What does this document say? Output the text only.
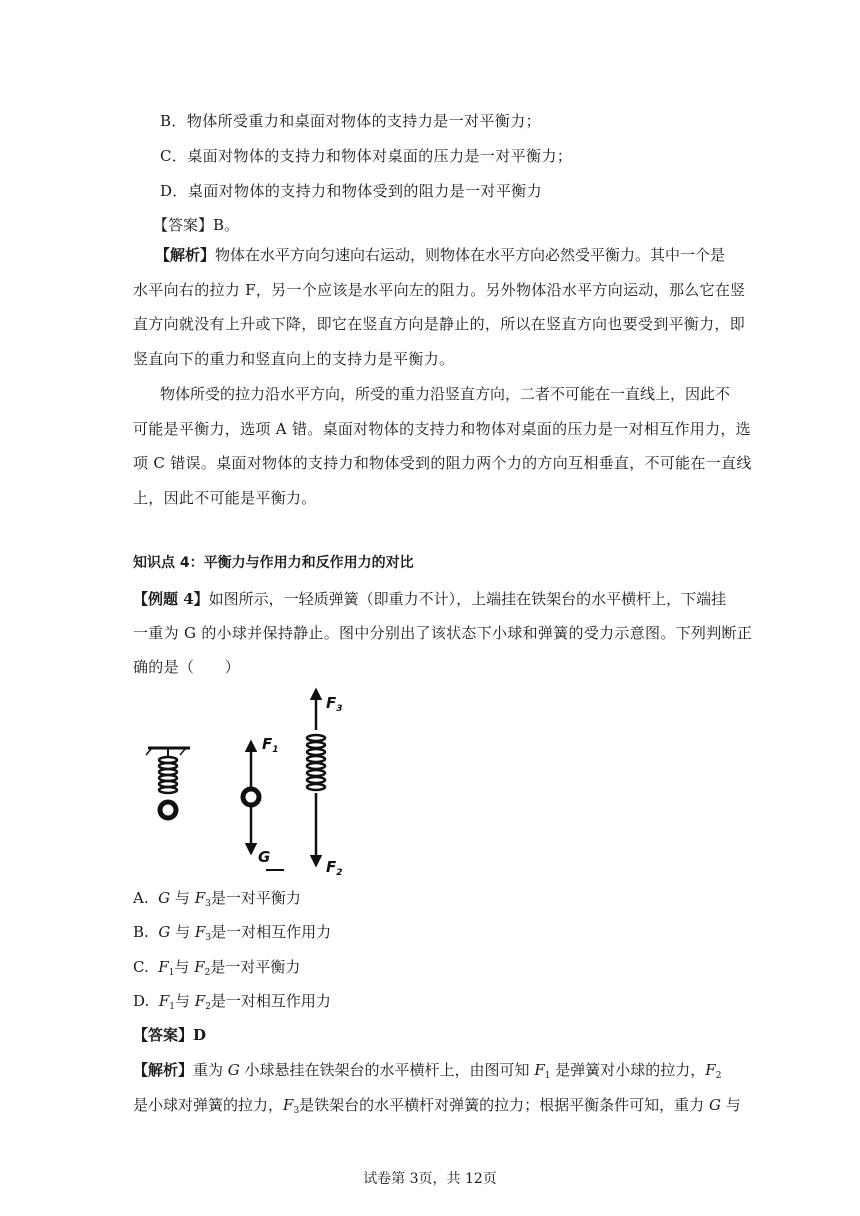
B．物体所受重力和桌面对物体的支持力是一对平衡力；
C．桌面对物体的支持力和物体对桌面的压力是一对平衡力；
D．桌面对物体的支持力和物体受到的阻力是一对平衡力
【答案】B。
【解析】物体在水平方向匀速向右运动，则物体在水平方向必然受平衡力。其中一个是
水平向右的拉力 F，另一个应该是水平向左的阻力。另外物体沿水平方向运动，那么它在竖
直方向就没有上升或下降，即它在竖直方向是静止的，所以在竖直方向也要受到平衡力，即
竖直向下的重力和竖直向上的支持力是平衡力。
物体所受的拉力沿水平方向，所受的重力沿竖直方向，二者不可能在一直线上，因此不
可能是平衡力，选项 A 错。桌面对物体的支持力和物体对桌面的压力是一对相互作用力，选
项 C 错误。桌面对物体的支持力和物体受到的阻力两个力的方向互相垂直，不可能在一直线
上，因此不可能是平衡力。
知识点 4：平衡力与作用力和反作用力的对比
【例题 4】如图所示，一轻质弹簧（即重力不计），上端挂在铁架台的水平横杆上，下端挂
一重为 G 的小球并保持静止。图中分别出了该状态下小球和弹簧的受力示意图。下列判断正
确的是（　　）
$F_1$
G
$F_3$
$F_2$
A. G 与 $F_3$是一对平衡力
B. G 与 $F_3$是一对相互作用力
C. $F_1$与 $F_2$是一对平衡力
D. $F_1$与 $F_2$是一对相互作用力
【答案】D
【解析】重为 G 小球悬挂在铁架台的水平横杆上，由图可知 $F_1$ 是弹簧对小球的拉力，$F_2$
是小球对弹簧的拉力，$F_3$是铁架台的水平横杆对弹簧的拉力；根据平衡条件可知，重力 G 与
试卷第 3页，共 12页
